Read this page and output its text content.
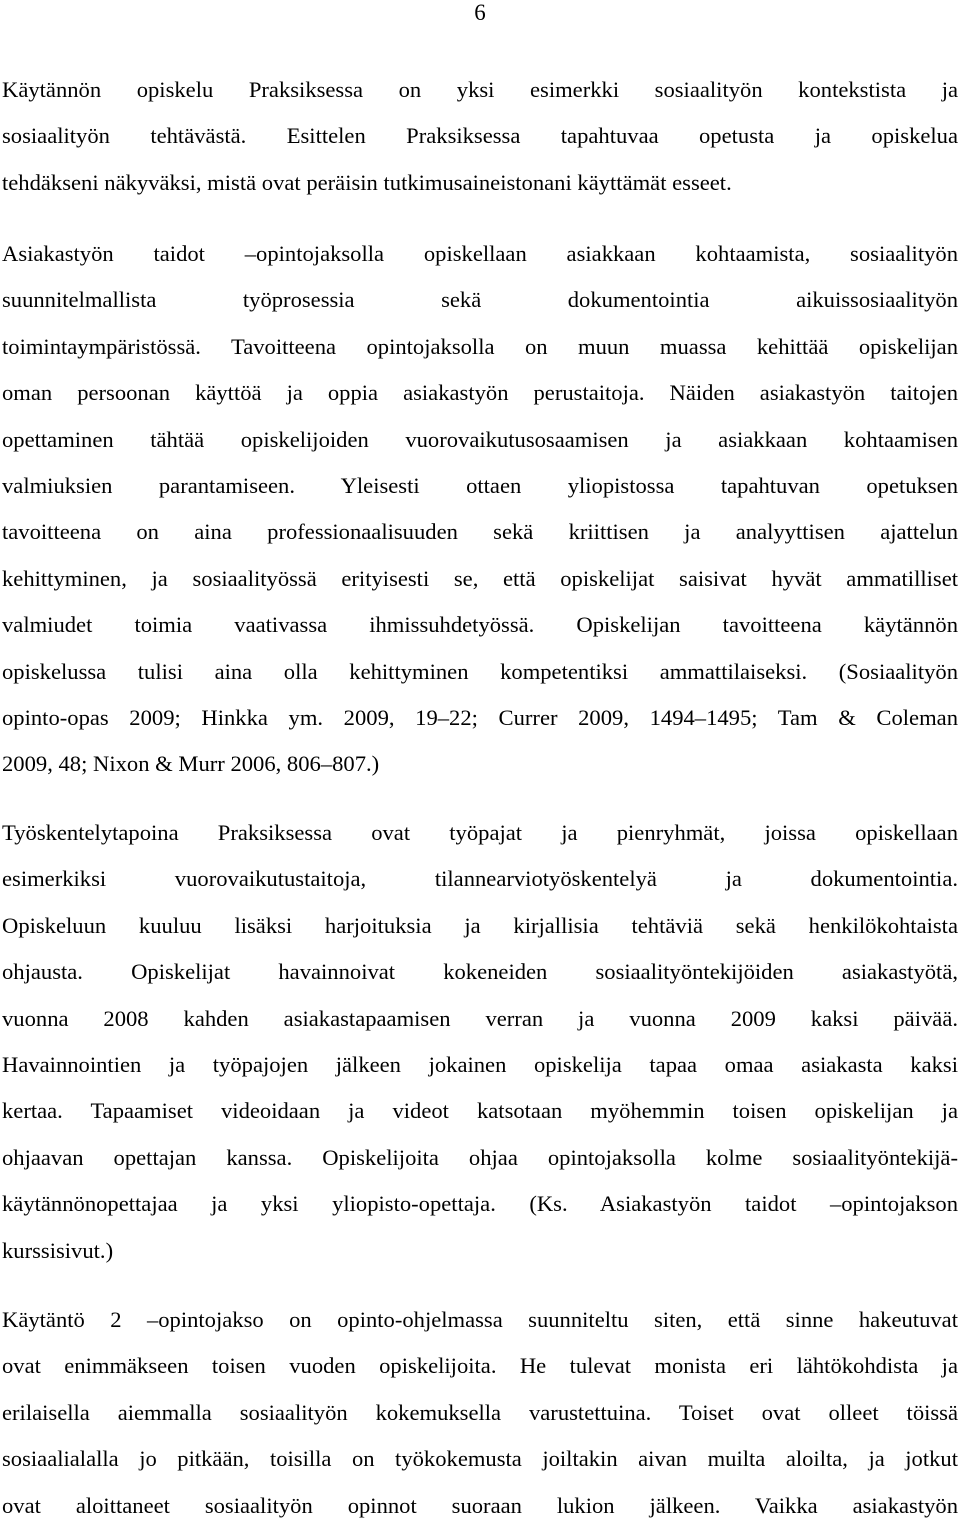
6
Käytännön opiskelu Praksiksessa on yksi esimerkki sosiaalityön kontekstista ja
sosiaalityön tehtävästä. Esittelen Praksiksessa tapahtuvaa opetusta ja opiskelua
tehdäkseni näkyväksi, mistä ovat peräisin tutkimusaineistonani käyttämät esseet.
Asiakastyön taidot –opintojaksolla opiskellaan asiakkaan kohtaamista, sosiaalityön
suunnitelmallista työprosessia sekä dokumentointia aikuissosiaalityön
toimintaympäristössä. Tavoitteena opintojaksolla on muun muassa kehittää opiskelijan
oman persoonan käyttöä ja oppia asiakastyön perustaitoja. Näiden asiakastyön taitojen
opettaminen tähtää opiskelijoiden vuorovaikutusosaamisen ja asiakkaan kohtaamisen
valmiuksien parantamiseen. Yleisesti ottaen yliopistossa tapahtuvan opetuksen
tavoitteena on aina professionaalisuuden sekä kriittisen ja analyyttisen ajattelun
kehittyminen, ja sosiaalityössä erityisesti se, että opiskelijat saisivat hyvät ammatilliset
valmiudet toimia vaativassa ihmissuhdetyössä. Opiskelijan tavoitteena käytännön
opiskelussa tulisi aina olla kehittyminen kompetentiksi ammattilaiseksi. (Sosiaalityön
opinto-opas 2009; Hinkka ym. 2009, 19–22; Currer 2009, 1494–1495; Tam & Coleman
2009, 48; Nixon & Murr 2006, 806–807.)
Työskentelytapoina Praksiksessa ovat työpajat ja pienryhmät, joissa opiskellaan
esimerkiksi vuorovaikutustaitoja, tilannearviotyöskentelyä ja dokumentointia.
Opiskeluun kuuluu lisäksi harjoituksia ja kirjallisia tehtäviä sekä henkilökohtaista
ohjausta. Opiskelijat havainnoivat kokeneiden sosiaalityöntekijöiden asiakastyötä,
vuonna 2008 kahden asiakastapaamisen verran ja vuonna 2009 kaksi päivää.
Havainnointien ja työpajojen jälkeen jokainen opiskelija tapaa omaa asiakasta kaksi
kertaa. Tapaamiset videoidaan ja videot katsotaan myöhemmin toisen opiskelijan ja
ohjaavan opettajan kanssa. Opiskelijoita ohjaa opintojaksolla kolme sosiaalityöntekijä-
käytännönopettajaa ja yksi yliopisto-opettaja. (Ks. Asiakastyön taidot –opintojakson
kurssisivut.)
Käytäntö 2 –opintojakso on opinto-ohjelmassa suunniteltu siten, että sinne hakeutuvat
ovat enimmäkseen toisen vuoden opiskelijoita. He tulevat monista eri lähtökohdista ja
erilaisella aiemmalla sosiaalityön kokemuksella varustettuina. Toiset ovat olleet töissä
sosiaalialalla jo pitkään, toisilla on työkokemusta joiltakin aivan muilta aloilta, ja jotkut
ovat aloittaneet sosiaalityön opinnot suoraan lukion jälkeen. Vaikka asiakastyön
